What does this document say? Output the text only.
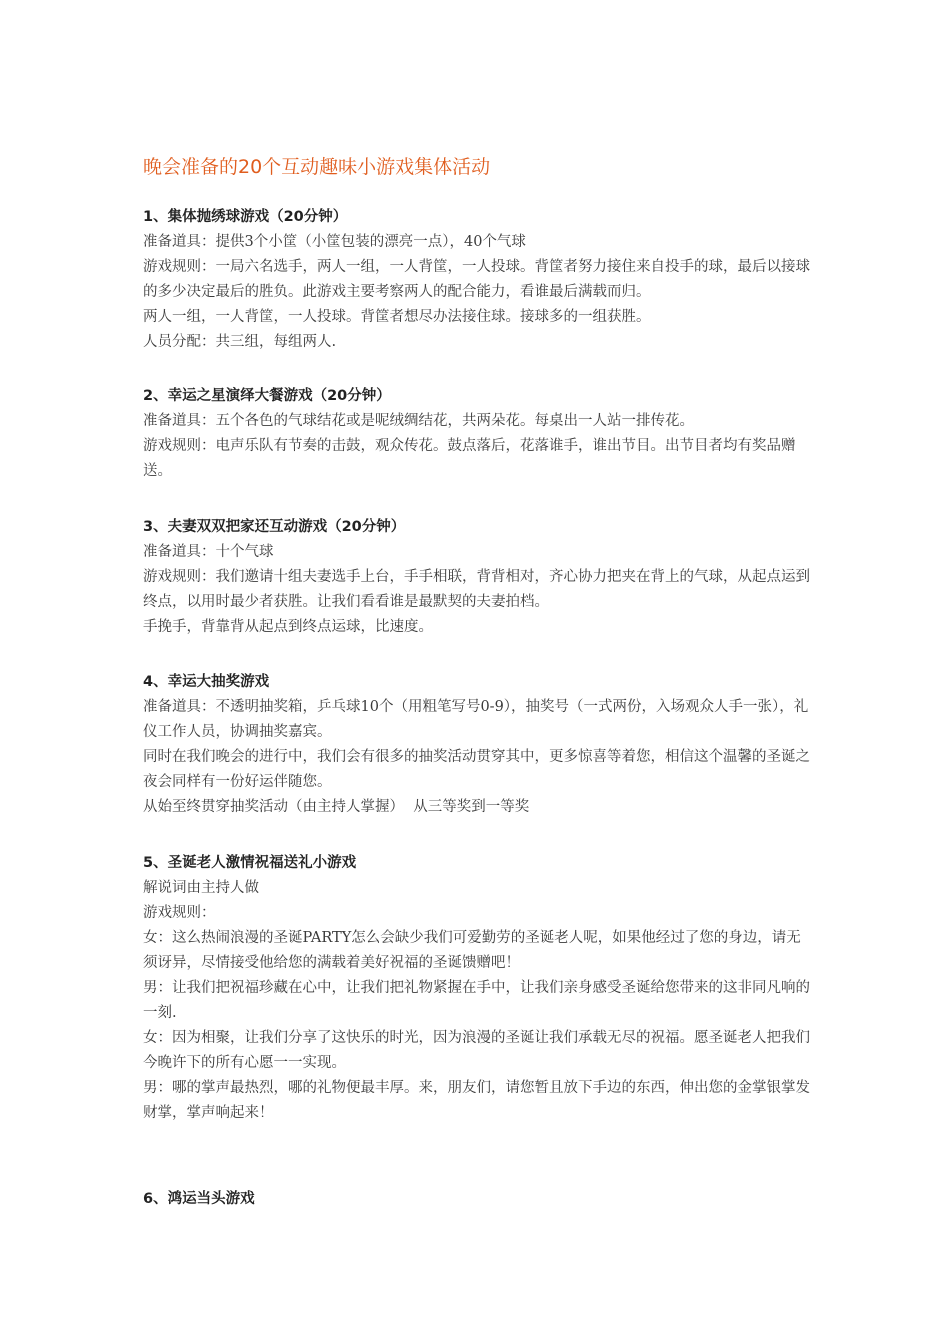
晚会准备的20个互动趣味小游戏集体活动

1、集体抛绣球游戏（20分钟）

准备道具：提供3个小筐（小筐包装的漂亮一点），40个气球

游戏规则：一局六名选手，两人一组，一人背筐，一人投球。背筐者努力接住来自投手的球，最后以接球的多少决定最后的胜负。此游戏主要考察两人的配合能力，看谁最后满载而归。

两人一组，一人背筐，一人投球。背筐者想尽办法接住球。接球多的一组获胜。

人员分配：共三组，每组两人.

2、幸运之星演绎大餐游戏（20分钟）

准备道具：五个各色的气球结花或是呢绒绸结花，共两朵花。每桌出一人站一排传花。

游戏规则：电声乐队有节奏的击鼓，观众传花。鼓点落后，花落谁手，谁出节目。出节目者均有奖品赠送。

3、夫妻双双把家还互动游戏（20分钟）

准备道具：十个气球

游戏规则：我们邀请十组夫妻选手上台，手手相联，背背相对，齐心协力把夹在背上的气球，从起点运到终点，以用时最少者获胜。让我们看看谁是最默契的夫妻拍档。

手挽手，背靠背从起点到终点运球，比速度。

4、幸运大抽奖游戏

准备道具：不透明抽奖箱，乒乓球10个（用粗笔写号0-9），抽奖号（一式两份，入场观众人手一张），礼仪工作人员，协调抽奖嘉宾。

同时在我们晚会的进行中，我们会有很多的抽奖活动贯穿其中，更多惊喜等着您，相信这个温馨的圣诞之夜会同样有一份好运伴随您。

从始至终贯穿抽奖活动（由主持人掌握）  从三等奖到一等奖

5、圣诞老人激情祝福送礼小游戏

解说词由主持人做

游戏规则：

女：这么热闹浪漫的圣诞PARTY怎么会缺少我们可爱勤劳的圣诞老人呢，如果他经过了您的身边，请无须讶异，尽情接受他给您的满载着美好祝福的圣诞馈赠吧！

男：让我们把祝福珍藏在心中，让我们把礼物紧握在手中，让我们亲身感受圣诞给您带来的这非同凡响的一刻.

女：因为相聚，让我们分享了这快乐的时光，因为浪漫的圣诞让我们承载无尽的祝福。愿圣诞老人把我们今晚许下的所有心愿一一实现。

男：哪的掌声最热烈，哪的礼物便最丰厚。来，朋友们，请您暂且放下手边的东西，伸出您的金掌银掌发财掌，掌声响起来！

6、鸿运当头游戏
